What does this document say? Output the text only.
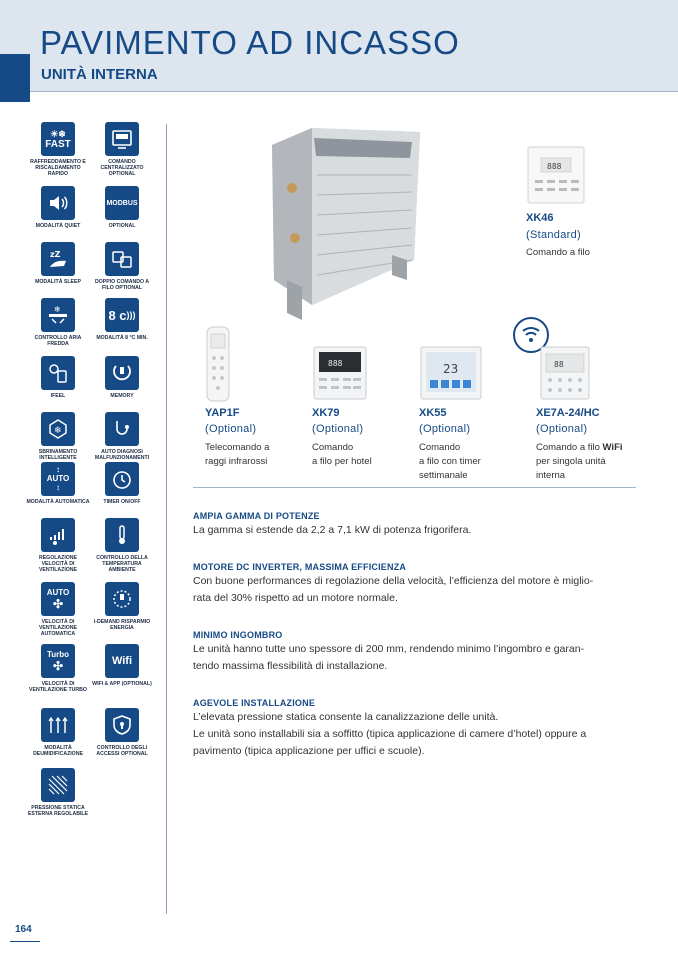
PAVIMENTO AD INCASSO
UNITÀ INTERNA
☀❄
FAST
RAFFREDDAMENTO E RISCALDAMENTO RAPIDO
COMANDO CENTRALIZZATO OPTIONAL
MODALITÀ QUIET
MODBUS
OPTIONAL
zZ
MODALITÀ SLEEP	DOPPIO COMANDO A FILO OPTIONAL
❄
CONTROLLO ARIA FREDDA
8 c )))
MODALITÀ 8 °C MIN.
IFEEL	MEMORY
❄
SBRINAMENTO INTELLIGENTE
AUTO DIAGNOSI MALFUNZIONAMENTI
↕
AUTO
↕
MODALITÀ AUTOMATICA	TIMER ON/OFF
REGOLAZIONE VELOCITÀ DI VENTILAZIONE
CONTROLLO DELLA TEMPERATURA AMBIENTE
AUTO
✣
VELOCITÀ DI VENTILAZIONE AUTOMATICA
I-DEMAND RISPARMIO ENERGIA
Turbo
✣
VELOCITÀ DI VENTILAZIONE TURBO
Wifi
WIFI & APP (OPTIONAL)
MODALITÀ DEUMIDIFICAZIONE
CONTROLLO DEGLI ACCESSI OPTIONAL
PRESSIONE STATICA ESTERNA REGOLABILE
888
XK46
(Standard)
Comando a filo
888	23	88
YAP1F
(Optional)
Telecomando a
raggi infrarossi
XK79
(Optional)
Comando
a filo per hotel
XK55
(Optional)
Comando
a filo con timer
settimanale
XE7A-24/HC
(Optional)
Comando a filo WiFi
per singola unità
interna
AMPIA GAMMA DI POTENZE
La gamma si estende da 2,2 a 7,1 kW di potenza frigorifera.
MOTORE DC INVERTER, MASSIMA EFFICIENZA
Con buone performances di regolazione della velocità, l’efficienza del motore è miglio-
rata del 30% rispetto ad un motore normale.
MINIMO INGOMBRO
Le unità hanno tutte uno spessore di 200 mm, rendendo minimo l’ingombro e garan-
tendo massima flessibilità di installazione.
AGEVOLE INSTALLAZIONE
L’elevata pressione statica consente la canalizzazione delle unità.
Le unità sono installabili sia a soffitto (tipica applicazione di camere d’hotel) oppure a
pavimento (tipica applicazione per uffici e scuole).
164
